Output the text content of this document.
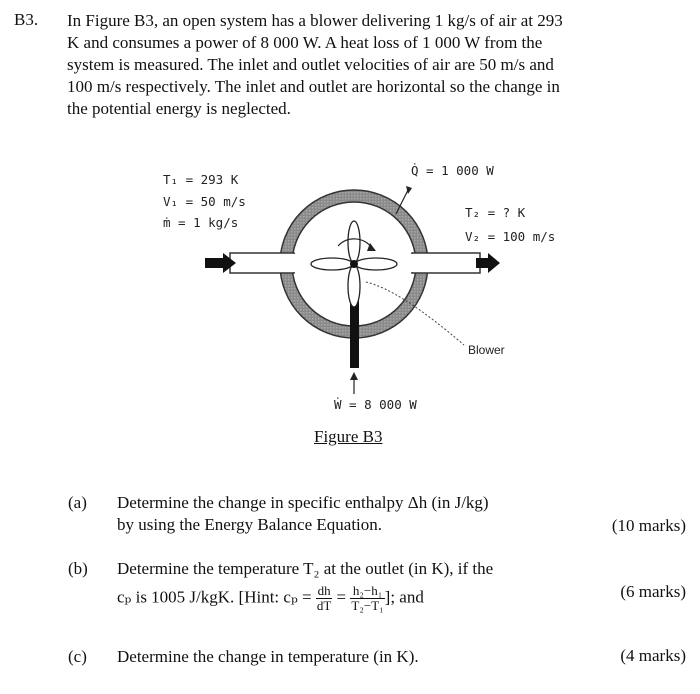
B3. In Figure B3, an open system has a blower delivering 1 kg/s of air at 293

K and consumes a power of 8 000 W. A heat loss of 1 000 W from the

system is measured. The inlet and outlet velocities of air are 50 m/s and

100 m/s respectively. The inlet and outlet are horizontal so the change in

the potential energy is neglected.

T₁ = 293 K
V₁ = 50 m/s
ṁ = 1 kg/s
Q̇ = 1 000 W
T₂ = ? K
V₂ = 100 m/s
Blower
Ẇ = 8 000 W
Figure B3
(a) Determine the change in specific enthalpy Δh (in J/kg)
by using the Energy Balance Equation.	(10 marks)
(b) Determine the temperature T₂ at the outlet (in K), if the
cₚ is 1005 J/kgK. [Hint: $c_p = \frac{dh}{dT} = \frac{\text{h₂−h₁}}{\text{T₂−T₁}}$ ]; and	(6 marks)
(c) Determine the change in temperature (in K).	(4 marks)
